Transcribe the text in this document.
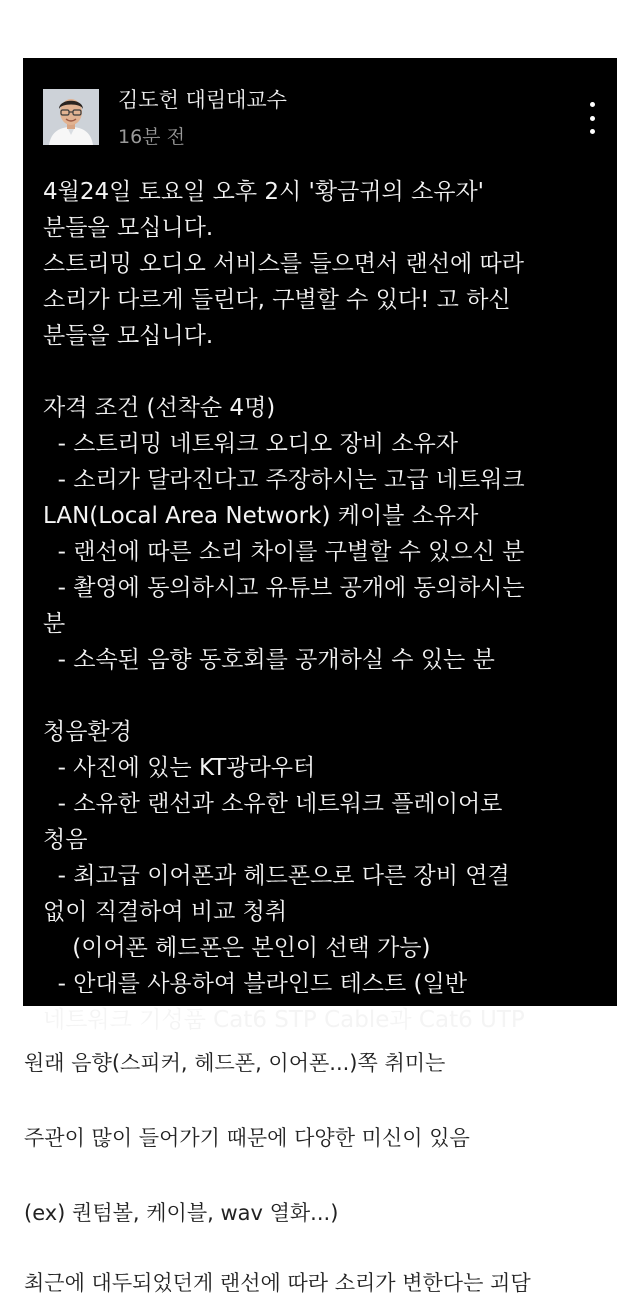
김도헌 대림대교수
16분 전
4월24일 토요일 오후 2시 '황금귀의 소유자'
분들을 모십니다.
스트리밍 오디오 서비스를 들으면서 랜선에 따라
소리가 다르게 들린다, 구별할 수 있다! 고 하신
분들을 모십니다.
자격 조건 (선착순 4명)
- 스트리밍 네트워크 오디오 장비 소유자
- 소리가 달라진다고 주장하시는 고급 네트워크
LAN(Local Area Network) 케이블 소유자
- 랜선에 따른 소리 차이를 구별할 수 있으신 분
- 촬영에 동의하시고 유튜브 공개에 동의하시는
분
- 소속된 음향 동호회를 공개하실 수 있는 분
청음환경
- 사진에 있는 KT광라우터
- 소유한 랜선과 소유한 네트워크 플레이어로
청음
- 최고급 이어폰과 헤드폰으로 다른 장비 연결
없이 직결하여 비교 청취
(이어폰 헤드폰은 본인이 선택 가능)
- 안대를 사용하여 블라인드 테스트 (일반
네트워크 기성품 Cat6 STP Cable과 Cat6 UTP
원래 음향(스피커, 헤드폰, 이어폰...)쪽 취미는
주관이 많이 들어가기 때문에 다양한 미신이 있음
(ex) 퀀텀볼, 케이블, wav 열화...)
최근에 대두되었던게 랜선에 따라 소리가 변한다는 괴담
